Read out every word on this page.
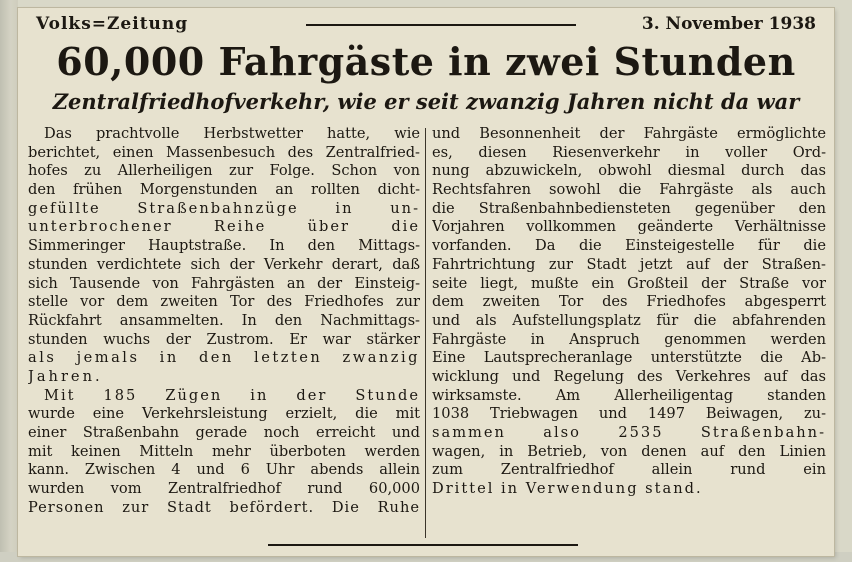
Volks=Zeitung	3. November 1938
60,000 Fahrgäste in zwei Stunden
Zentralfriedhofverkehr, wie er seit zwanzig Jahren nicht da war
Das prachtvolle Herbstwetter hatte, wie
berichtet, einen Massenbesuch des Zentralfried-
hofes zu Allerheiligen zur Folge. Schon von
den frühen Morgenstunden an rollten dicht-
gefüllte Straßenbahnzüge in un-
unterbrochener Reihe über die
Simmeringer Hauptstraße. In den Mittags-
stunden verdichtete sich der Verkehr derart, daß
sich Tausende von Fahrgästen an der Einsteig-
stelle vor dem zweiten Tor des Friedhofes zur
Rückfahrt ansammelten. In den Nachmittags-
stunden wuchs der Zustrom. Er war stärker
als jemals in den letzten zwanzig
Jahren.
Mit 185 Zügen in der Stunde
wurde eine Verkehrsleistung erzielt, die mit
einer Straßenbahn gerade noch erreicht und
mit keinen Mitteln mehr überboten werden
kann. Zwischen 4 und 6 Uhr abends allein
wurden vom Zentralfriedhof rund 60,000
Personen zur Stadt befördert. Die Ruhe
und Besonnenheit der Fahrgäste ermöglichte
es, diesen Riesenverkehr in voller Ord-
nung abzuwickeln, obwohl diesmal durch das
Rechtsfahren sowohl die Fahrgäste als auch
die Straßenbahnbediensteten gegenüber den
Vorjahren vollkommen geänderte Verhältnisse
vorfanden. Da die Einsteigestelle für die
Fahrtrichtung zur Stadt jetzt auf der Straßen-
seite liegt, mußte ein Großteil der Straße vor
dem zweiten Tor des Friedhofes abgesperrt
und als Aufstellungsplatz für die abfahrenden
Fahrgäste in Anspruch genommen werden
Eine Lautsprecheranlage unterstützte die Ab-
wicklung und Regelung des Verkehres auf das
wirksamste. Am Allerheiligentag standen
1038 Triebwagen und 1497 Beiwagen, zu-
sammen also 2535 Straßenbahn-
wagen, in Betrieb, von denen auf den Linien
zum Zentralfriedhof allein rund ein
Drittel in Verwendung stand.
